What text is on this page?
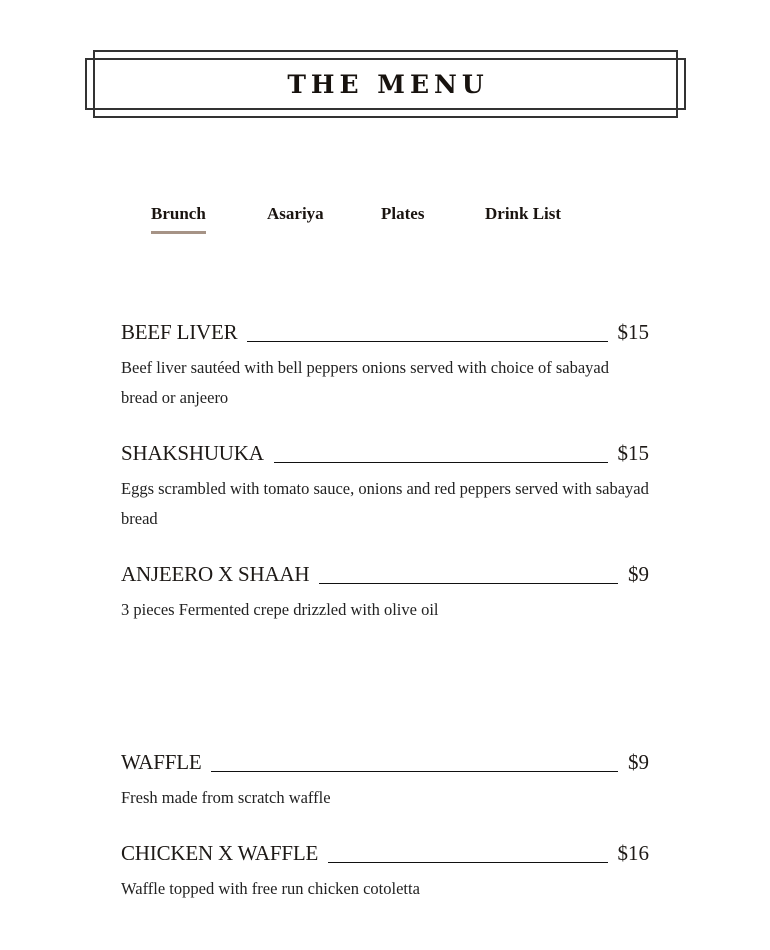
THE MENU
Brunch	Asariya	Plates	Drink List
BEEF LIVER	$15
Beef liver sautéed with bell peppers onions served with choice of sabayad bread or anjeero
SHAKSHUUKA	$15
Eggs scrambled with tomato sauce, onions and red peppers served with sabayad bread
ANJEERO X SHAAH	$9
3 pieces Fermented crepe drizzled with olive oil
WAFFLE	$9
Fresh made from scratch waffle
CHICKEN X WAFFLE	$16
Waffle topped with free run chicken cotoletta
